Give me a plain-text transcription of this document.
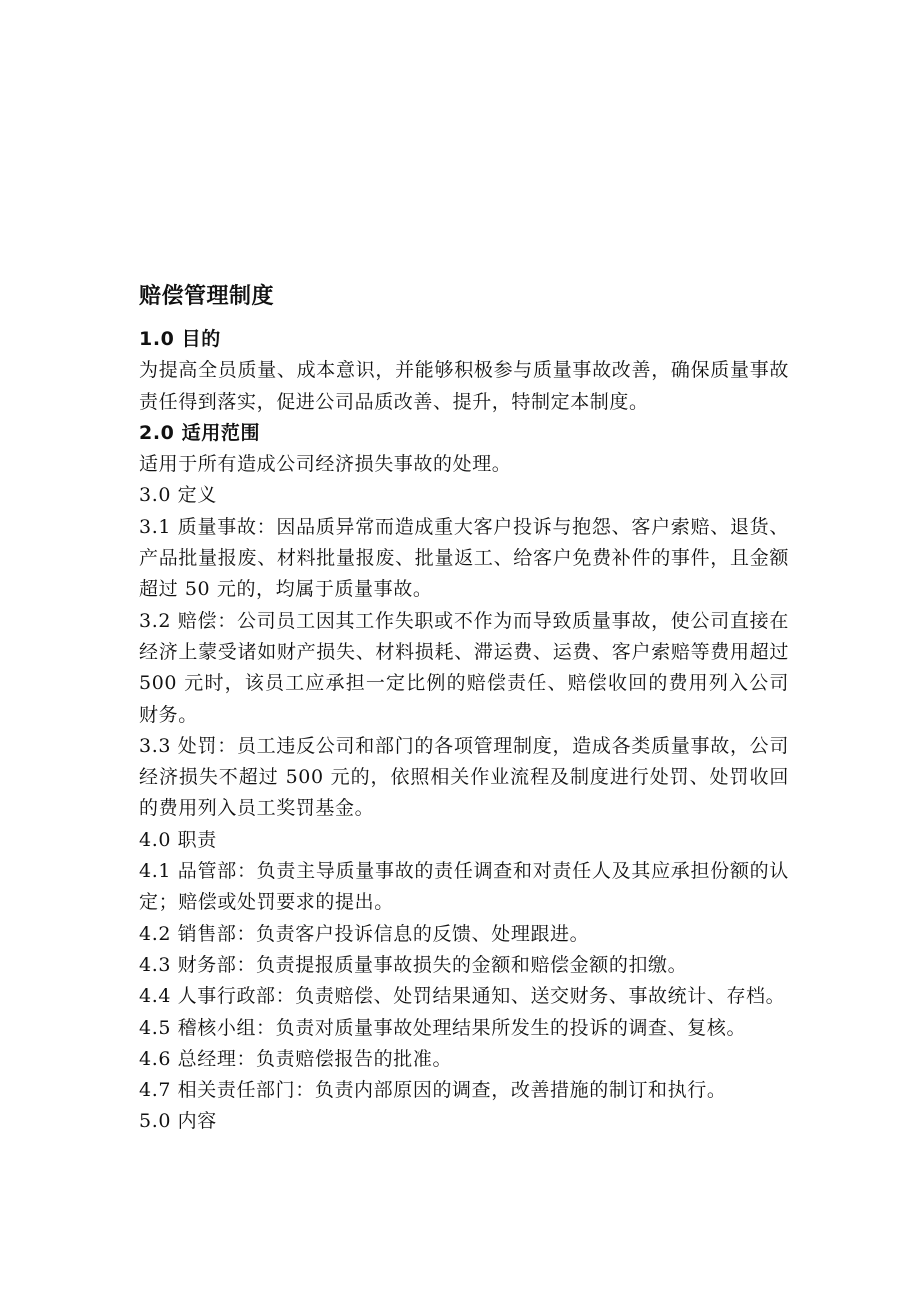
赔偿管理制度

1.0 目的

为提高全员质量、成本意识，并能够积极参与质量事故改善，确保质量事故责任得到落实，促进公司品质改善、提升，特制定本制度。

2.0 适用范围

适用于所有造成公司经济损失事故的处理。

3.0 定义

3.1 质量事故：因品质异常而造成重大客户投诉与抱怨、客户索赔、退货、产品批量报废、材料批量报废、批量返工、给客户免费补件的事件，且金额超过 50 元的，均属于质量事故。

3.2 赔偿：公司员工因其工作失职或不作为而导致质量事故，使公司直接在经济上蒙受诸如财产损失、材料损耗、滞运费、运费、客户索赔等费用超过 500 元时，该员工应承担一定比例的赔偿责任、赔偿收回的费用列入公司财务。

3.3 处罚：员工违反公司和部门的各项管理制度，造成各类质量事故，公司经济损失不超过 500 元的，依照相关作业流程及制度进行处罚、处罚收回的费用列入员工奖罚基金。

4.0 职责

4.1 品管部：负责主导质量事故的责任调查和对责任人及其应承担份额的认定；赔偿或处罚要求的提出。

4.2 销售部：负责客户投诉信息的反馈、处理跟进。

4.3 财务部：负责提报质量事故损失的金额和赔偿金额的扣缴。

4.4 人事行政部：负责赔偿、处罚结果通知、送交财务、事故统计、存档。

4.5 稽核小组：负责对质量事故处理结果所发生的投诉的调查、复核。

4.6 总经理：负责赔偿报告的批准。

4.7 相关责任部门：负责内部原因的调查，改善措施的制订和执行。

5.0 内容
